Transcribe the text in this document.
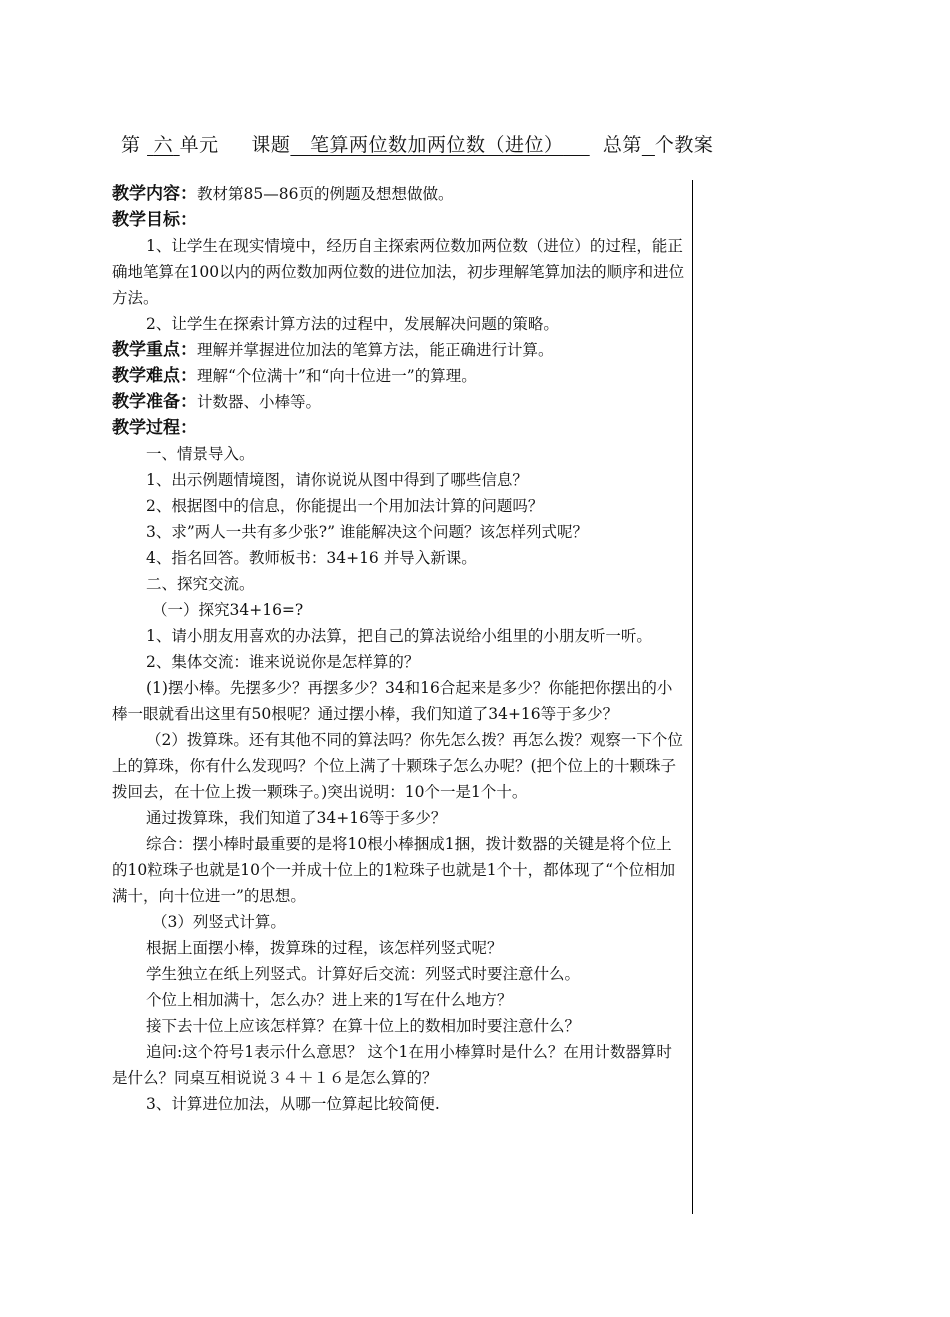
第 六 单元 课题 笔算两位数加两位数（进位） 总第 个教案

教学内容：教材第85—86页的例题及想想做做。

教学目标：

1、让学生在现实情境中，经历自主探索两位数加两位数（进位）的过程，能正确地笔算在100以内的两位数加两位数的进位加法，初步理解笔算加法的顺序和进位方法。

2、让学生在探索计算方法的过程中，发展解决问题的策略。

教学重点：理解并掌握进位加法的笔算方法，能正确进行计算。

教学难点：理解“个位满十”和“向十位进一”的算理。

教学准备：计数器、小棒等。

教学过程：

一、情景导入。

1、出示例题情境图，请你说说从图中得到了哪些信息？

2、根据图中的信息，你能提出一个用加法计算的问题吗？

3、求”两人一共有多少张?” 谁能解决这个问题？该怎样列式呢？

4、指名回答。教师板书：34+16 并导入新课。

二、探究交流。

（一）探究34+16=?

1、请小朋友用喜欢的办法算，把自己的算法说给小组里的小朋友听一听。

2、集体交流：谁来说说你是怎样算的？

(1)摆小棒。先摆多少？再摆多少？34和16合起来是多少？你能把你摆出的小棒一眼就看出这里有50根呢？通过摆小棒，我们知道了34+16等于多少？

（2）拨算珠。还有其他不同的算法吗？你先怎么拨？再怎么拨？观察一下个位上的算珠，你有什么发现吗？个位上满了十颗珠子怎么办呢？(把个位上的十颗珠子拨回去，在十位上拨一颗珠子。)突出说明：10个一是1个十。

通过拨算珠，我们知道了34+16等于多少？

综合：摆小棒时最重要的是将10根小棒捆成1捆，拨计数器的关键是将个位上的10粒珠子也就是10个一并成十位上的1粒珠子也就是1个十，都体现了“个位相加满十，向十位进一”的思想。

（3）列竖式计算。

根据上面摆小棒，拨算珠的过程，该怎样列竖式呢？

学生独立在纸上列竖式。计算好后交流：列竖式时要注意什么。

个位上相加满十，怎么办？进上来的1写在什么地方？

接下去十位上应该怎样算？在算十位上的数相加时要注意什么？

追问:这个符号1表示什么意思？ 这个1在用小棒算时是什么？在用计数器算时是什么？同桌互相说说３４＋１６是怎么算的？

3、计算进位加法，从哪一位算起比较简便.
